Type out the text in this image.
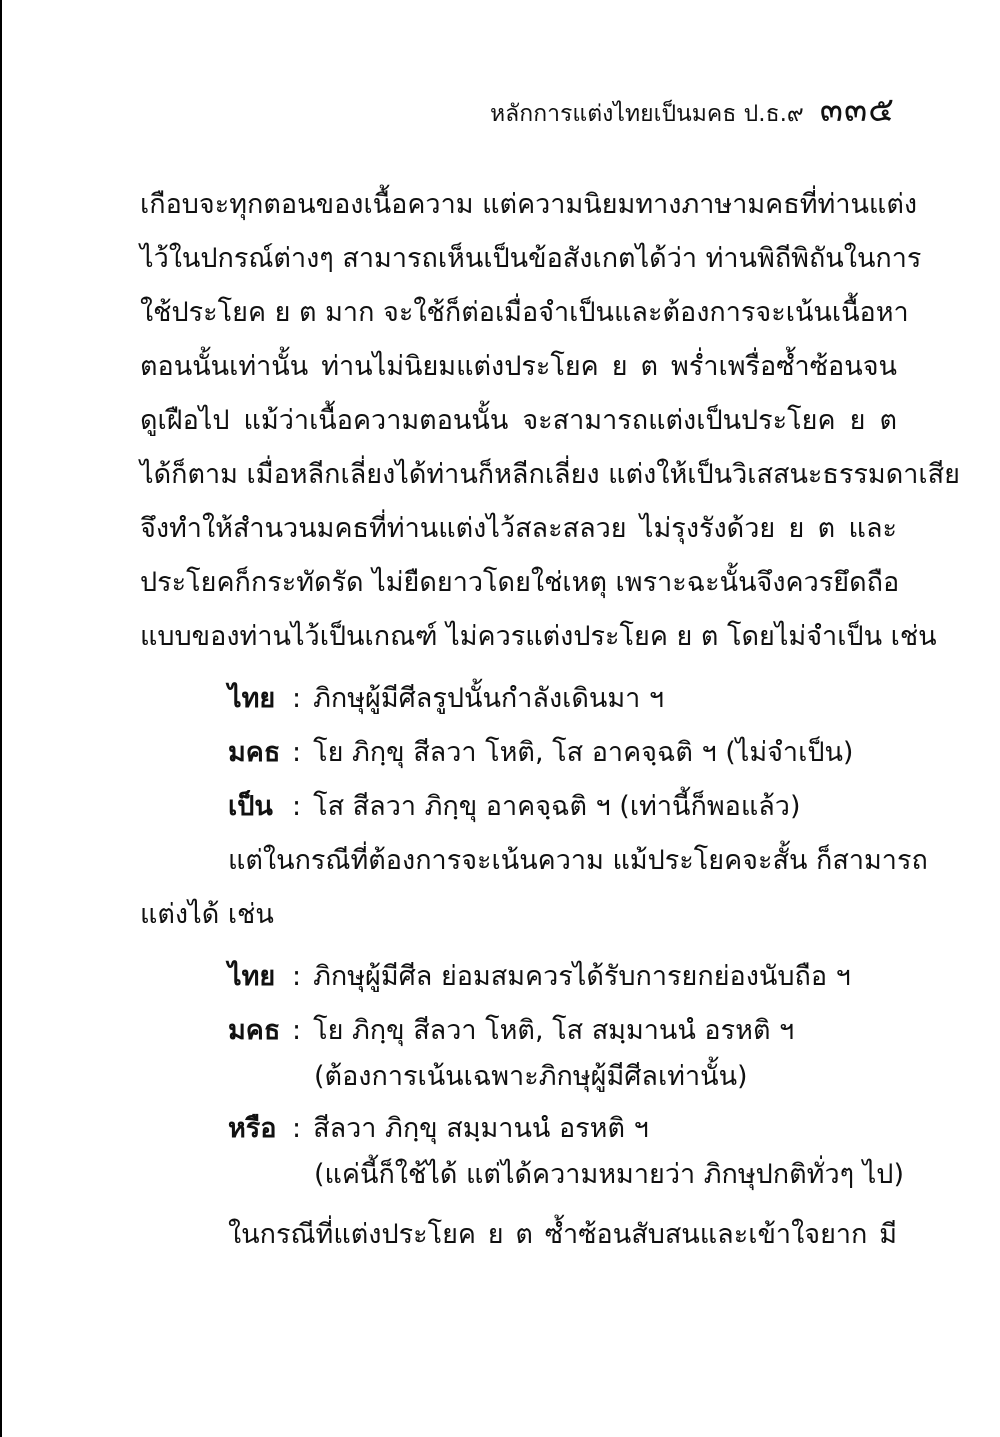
หลักการแต่งไทยเป็นมคธ ป.ธ.๙ ๓๓๕
เกือบจะทุกตอนของเนื้อความ แต่ความนิยมทางภาษามคธที่ท่านแต่ง
ไว้ในปกรณ์ต่างๆ สามารถเห็นเป็นข้อสังเกตได้ว่า ท่านพิถีพิถันในการ
ใช้ประโยค ย ต มาก จะใช้ก็ต่อเมื่อจำเป็นและต้องการจะเน้นเนื้อหา
ตอนนั้นเท่านั้น ท่านไม่นิยมแต่งประโยค ย ต พร่ำเพรื่อซ้ำซ้อนจน
ดูเฝือไป แม้ว่าเนื้อความตอนนั้น จะสามารถแต่งเป็นประโยค ย ต
ได้ก็ตาม เมื่อหลีกเลี่ยงได้ท่านก็หลีกเลี่ยง แต่งให้เป็นวิเสสนะธรรมดาเสีย
จึงทำให้สำนวนมคธที่ท่านแต่งไว้สละสลวย ไม่รุงรังด้วย ย ต และ
ประโยคก็กระทัดรัด ไม่ยืดยาวโดยใช่เหตุ เพราะฉะนั้นจึงควรยึดถือ
แบบของท่านไว้เป็นเกณฑ์ ไม่ควรแต่งประโยค ย ต โดยไม่จำเป็น เช่น
ไทย : ภิกษุผู้มีศีลรูปนั้นกำลังเดินมา ฯ
มคธ : โย ภิกฺขุ สีลวา โหติ, โส อาคจฺฉติ ฯ (ไม่จำเป็น)
เป็น : โส สีลวา ภิกฺขุ อาคจฺฉติ ฯ (เท่านี้ก็พอแล้ว)
แต่ในกรณีที่ต้องการจะเน้นความ แม้ประโยคจะสั้น ก็สามารถ
แต่งได้ เช่น
ไทย : ภิกษุผู้มีศีล ย่อมสมควรได้รับการยกย่องนับถือ ฯ
มคธ : โย ภิกฺขุ สีลวา โหติ, โส สมฺมานนํ อรหติ ฯ
(ต้องการเน้นเฉพาะภิกษุผู้มีศีลเท่านั้น)
หรือ : สีลวา ภิกฺขุ สมฺมานนํ อรหติ ฯ
(แค่นี้ก็ใช้ได้ แต่ได้ความหมายว่า ภิกษุปกติทั่วๆ ไป)
ในกรณีที่แต่งประโยค ย ต ซ้ำซ้อนสับสนและเข้าใจยาก มี
